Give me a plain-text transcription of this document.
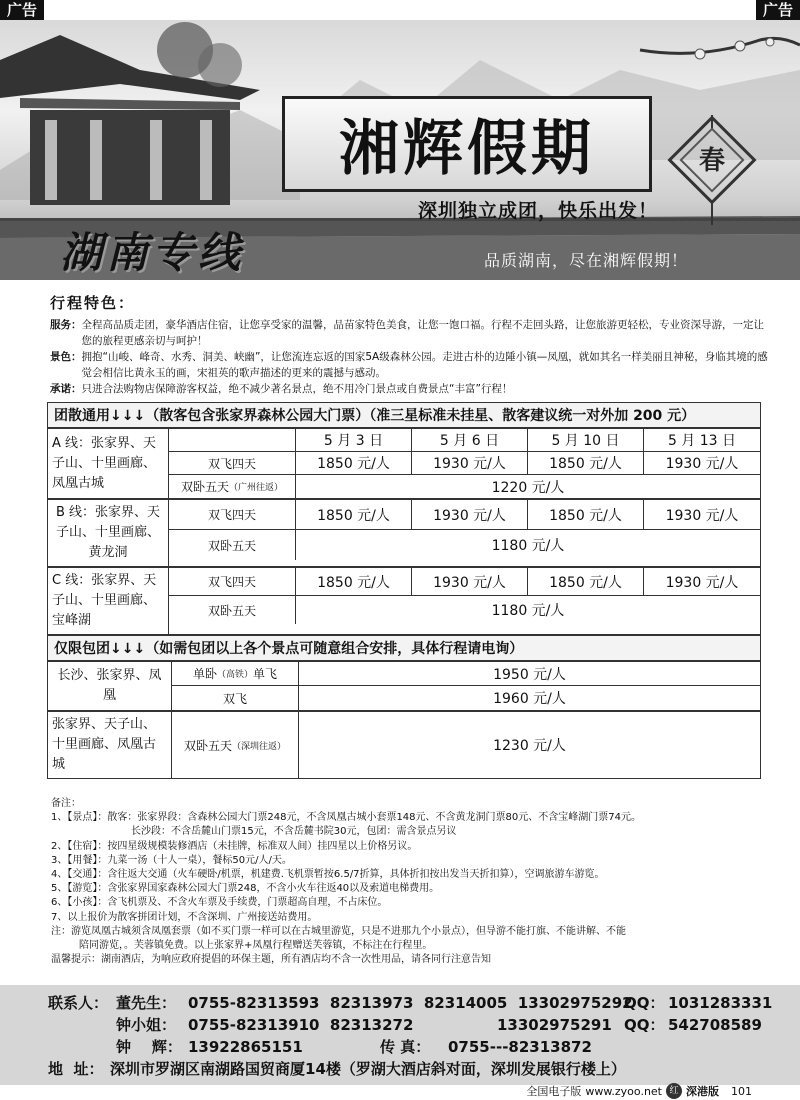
广告	广告
湘辉假期	春
深圳独立成团，快乐出发！
湖南专线	品质湖南，尽在湘辉假期！
行程特色：
服务： 全程高品质走团，豪华酒店住宿，让您享受家的温馨，品苗家特色美食，让您一饱口福。行程不走回头路，让您旅游更轻松，专业资深导游，一定让您的旅程更感亲切与呵护！
景色： 拥抱“山峻、峰奇、水秀、洞美、峡幽”，让您流连忘返的国家5A级森林公园。走进古朴的边陲小镇—凤凰，就如其名一样美丽且神秘，身临其境的感觉会相信比黄永玉的画，宋祖英的歌声描述的更来的震撼与感动。
承诺： 只进合法购物店保障游客权益，绝不减少著名景点，绝不用冷门景点或自费景点“丰富”行程！
团散通用↓↓↓（散客包含张家界森林公园大门票）（准三星标准未挂星、散客建议统一对外加 200 元）
A 线：张家界、天子山、十里画廊、凤凰古城
5 月 3 日	5 月 6 日	5 月 10 日	5 月 13 日
双飞四天	1850 元/人	1930 元/人	1850 元/人	1930 元/人
双卧五天 （广州往返）	1220 元/人
B 线：张家界、天子山、十里画廊、黄龙洞
双飞四天	1850 元/人	1930 元/人	1850 元/人	1930 元/人
双卧五天	1180 元/人
C 线：张家界、天子山、十里画廊、宝峰湖
双飞四天	1850 元/人	1930 元/人	1850 元/人	1930 元/人
双卧五天	1180 元/人
仅限包团↓↓↓（如需包团以上各个景点可随意组合安排，具体行程请电询）
长沙、张家界、凤凰
单卧 （高铁） 单飞	1950 元/人
双飞	1960 元/人
张家界、天子山、十里画廊、凤凰古城
双卧五天 （深圳往返）	1230 元/人
备注：
1、【景点】：散客：张家界段：含森林公园大门票248元，不含凤凰古城小套票148元、不含黄龙洞门票80元、不含宝峰湖门票74元。
长沙段：不含岳麓山门票15元，不含岳麓书院30元，包团：需含景点另议
2、【住宿】：按四星级规模装修酒店（未挂牌，标准双人间）挂四星以上价格另议。
3、【用餐】：九菜一汤（十人一桌），餐标50元/人/天。
4、【交通】：含往返大交通（火车硬卧/机票，机建费.飞机票暂按6.5/7折算，具体折扣按出发当天折扣算），空调旅游车游览。
5、【游览】：含张家界国家森林公园大门票248，不含小火车往返40以及索道电梯费用。
6、【小孩】：含飞机票及、不含火车票及手续费，门票超高自理，不占床位。
7、以上报价为散客拼团计划，不含深圳、广州接送站费用。
注：游览凤凰古城须含凤凰套票（如不买门票一样可以在古城里游览，只是不进那九个小景点），但导游不能打旗、不能讲解、不能
陪同游览，。芙蓉镇免费。以上张家界+凤凰行程赠送芙蓉镇，不标注在行程里。
温馨提示：湖南酒店，为响应政府提倡的环保主题，所有酒店均不含一次性用品，请各同行注意告知
联系人： 董先生： 0755-82313593  82313973  82314005  13302975292QQ： 1031283331
钟小姐： 0755-82313910  82313272                13302975291 QQ： 542708589
钟    辉： 13922865151	传 真： 0755---82313872
地  址： 深圳市罗湖区南湖路国贸商厦14楼（罗湖大酒店斜对面，深圳发展银行楼上）
全国电子版 www.zyoo.net 红 深港版 101
